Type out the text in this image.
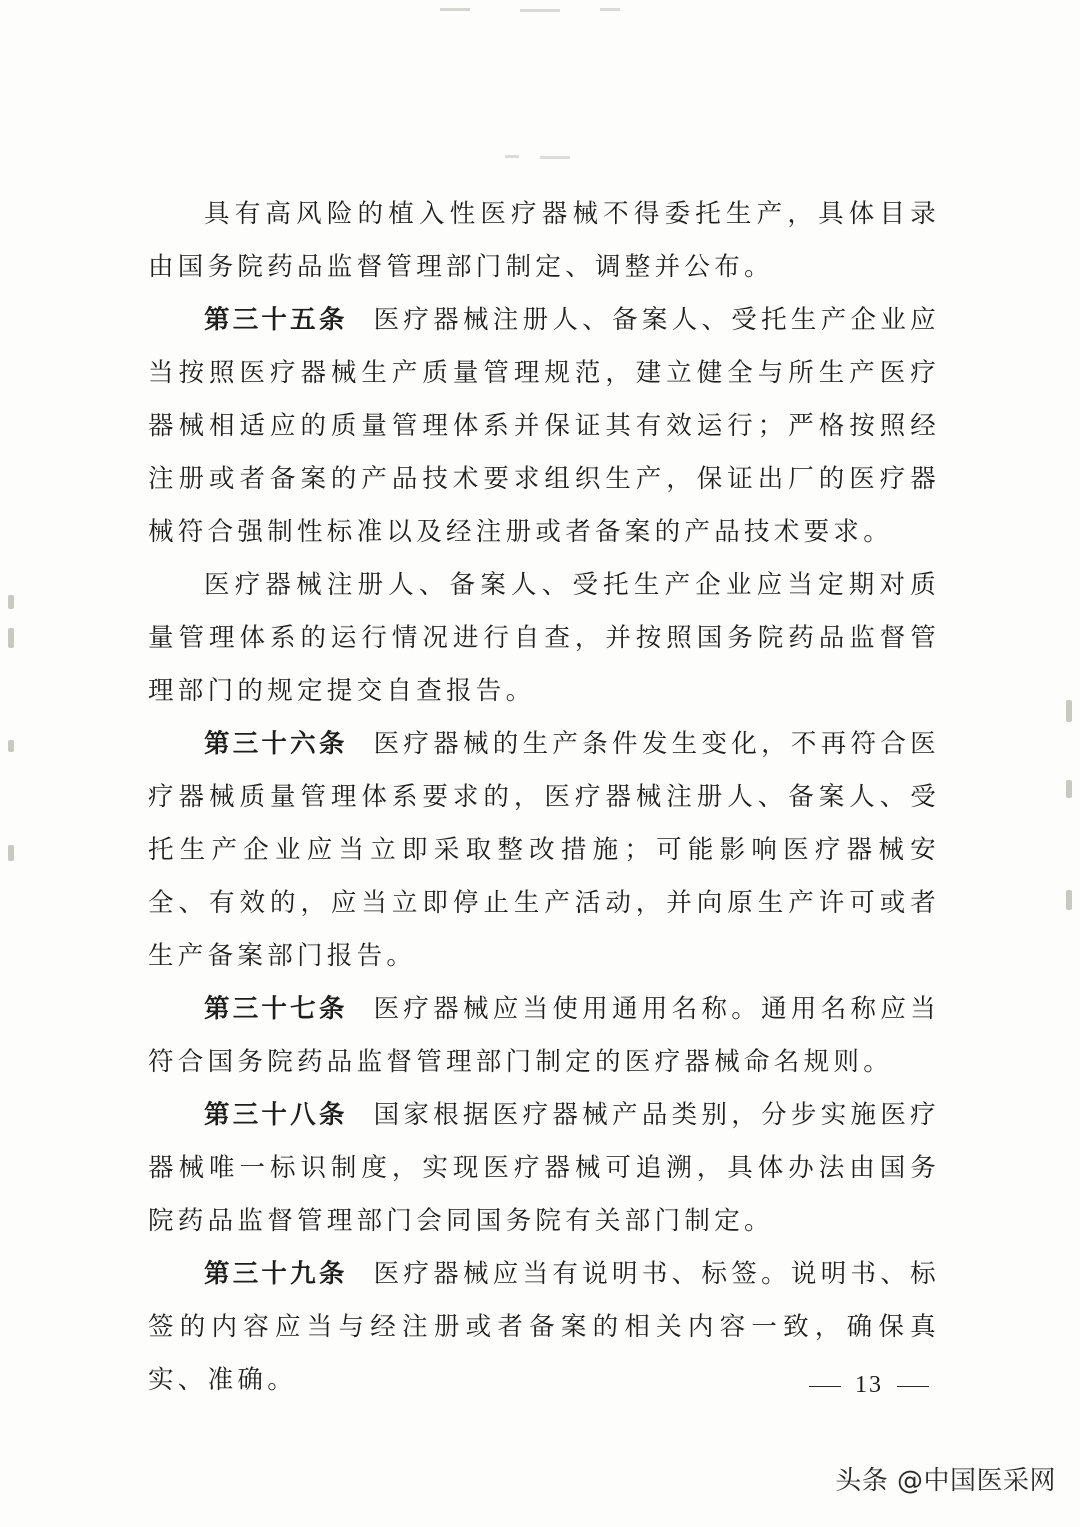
具有高风险的植入性医疗器械不得委托生产，具体目录由国务院药品监督管理部门制定、调整并公布。

第三十五条 医疗器械注册人、备案人、受托生产企业应当按照医疗器械生产质量管理规范，建立健全与所生产医疗器械相适应的质量管理体系并保证其有效运行；严格按照经注册或者备案的产品技术要求组织生产，保证出厂的医疗器械符合强制性标准以及经注册或者备案的产品技术要求。

医疗器械注册人、备案人、受托生产企业应当定期对质量管理体系的运行情况进行自查，并按照国务院药品监督管理部门的规定提交自查报告。

第三十六条 医疗器械的生产条件发生变化，不再符合医疗器械质量管理体系要求的，医疗器械注册人、备案人、受托生产企业应当立即采取整改措施；可能影响医疗器械安全、有效的，应当立即停止生产活动，并向原生产许可或者生产备案部门报告。

第三十七条 医疗器械应当使用通用名称。通用名称应当符合国务院药品监督管理部门制定的医疗器械命名规则。

第三十八条 国家根据医疗器械产品类别，分步实施医疗器械唯一标识制度，实现医疗器械可追溯，具体办法由国务院药品监督管理部门会同国务院有关部门制定。

第三十九条 医疗器械应当有说明书、标签。说明书、标签的内容应当与经注册或者备案的相关内容一致，确保真实、准确。	13
头条 @中国医采网
